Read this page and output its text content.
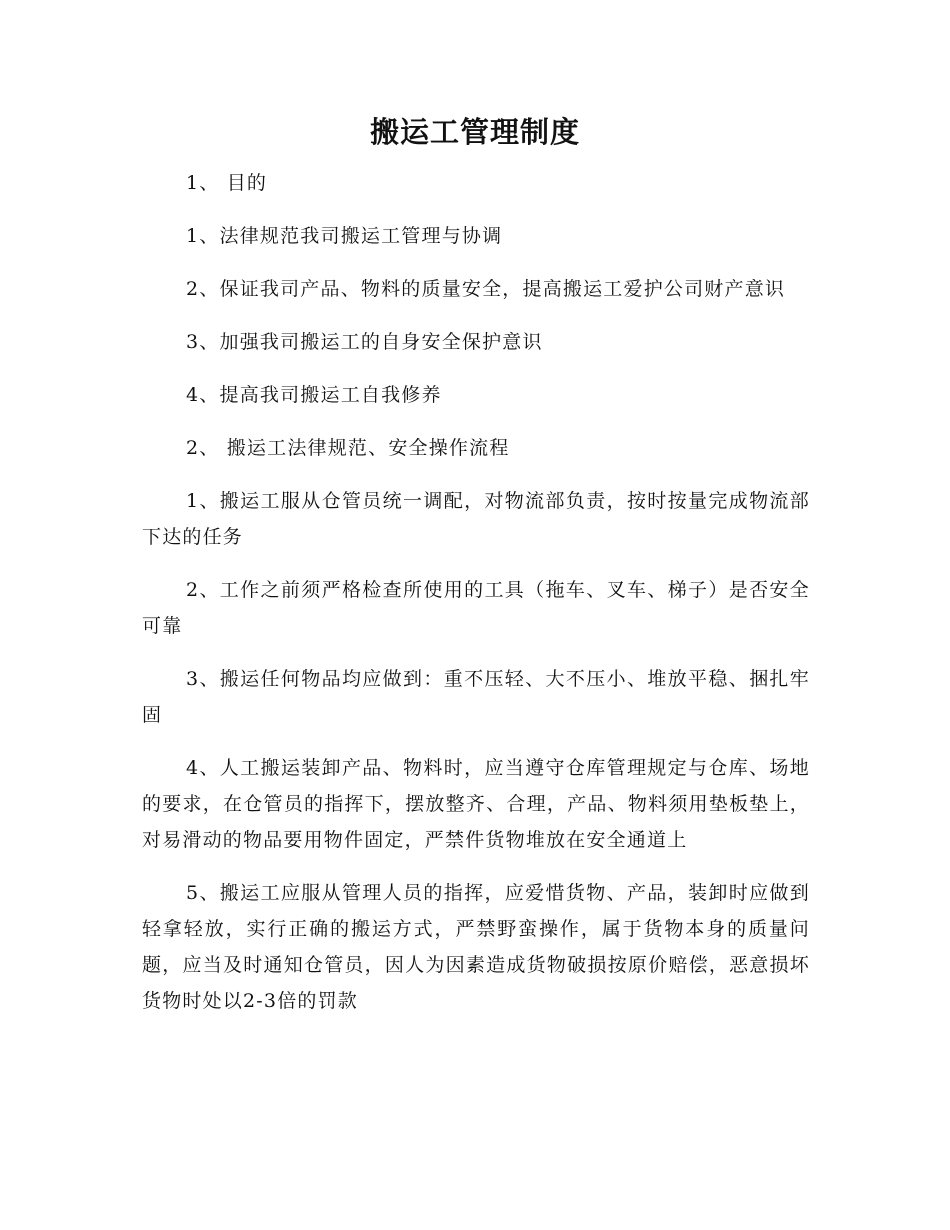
搬运工管理制度

1、 目的

1、法律规范我司搬运工管理与协调

2、保证我司产品、物料的质量安全，提高搬运工爱护公司财产意识

3、加强我司搬运工的自身安全保护意识

4、提高我司搬运工自我修养

2、 搬运工法律规范、安全操作流程

1、搬运工服从仓管员统一调配，对物流部负责，按时按量完成物流部下达的任务

2、工作之前须严格检查所使用的工具（拖车、叉车、梯子）是否安全可靠

3、搬运任何物品均应做到：重不压轻、大不压小、堆放平稳、捆扎牢固

4、人工搬运装卸产品、物料时，应当遵守仓库管理规定与仓库、场地的要求，在仓管员的指挥下，摆放整齐、合理，产品、物料须用垫板垫上，对易滑动的物品要用物件固定，严禁件货物堆放在安全通道上

5、搬运工应服从管理人员的指挥，应爱惜货物、产品，装卸时应做到轻拿轻放，实行正确的搬运方式，严禁野蛮操作，属于货物本身的质量问题，应当及时通知仓管员，因人为因素造成货物破损按原价赔偿，恶意损坏货物时处以2-3倍的罚款
